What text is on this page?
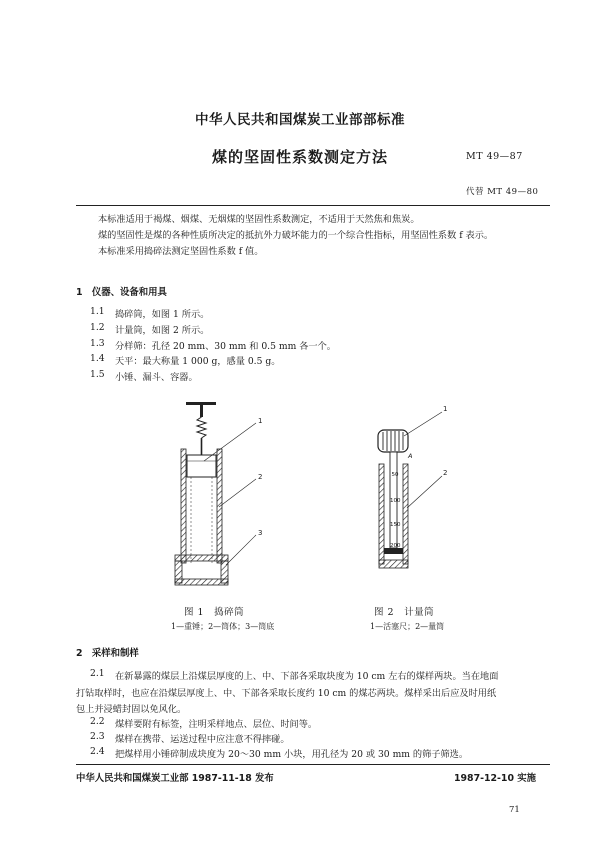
中华人民共和国煤炭工业部部标准
煤的坚固性系数测定方法	MT 49—87
代替 MT 49—80
本标准适用于褐煤、烟煤、无烟煤的坚固性系数测定，不适用于天然焦和焦炭。
煤的坚固性是煤的各种性质所决定的抵抗外力破坏能力的一个综合性指标，用坚固性系数 f 表示。
本标准采用捣碎法测定坚固性系数 f 值。
1　仪器、设备和用具
1.1 捣碎筒，如图 1 所示。
1.2 计量筒，如图 2 所示。
1.3 分样筛：孔径 20 mm、30 mm 和 0.5 mm 各一个。
1.4 天平：最大称量 1 000 g，感量 0.5 g。
1.5 小锤、漏斗、容器。
1
2
3
50
100
150
200
A
1
2
图 1　捣碎筒
1—重锤；2—筒体；3—筒底
图 2　计量筒
1—活塞尺；2—量筒
2　采样和制样
2.1 在新暴露的煤层上沿煤层厚度的上、中、下部各采取块度为 10 cm 左右的煤样两块。当在地面
打钻取样时，也应在沿煤层厚度上、中、下部各采取长度约 10 cm 的煤芯两块。煤样采出后应及时用纸
包上并浸蜡封固以免风化。
2.2 煤样要附有标签，注明采样地点、层位、时间等。
2.3 煤样在携带、运送过程中应注意不得摔碰。
2.4 把煤样用小锤碎制成块度为 20～30 mm 小块，用孔径为 20 或 30 mm 的筛子筛选。
中华人民共和国煤炭工业部 1987-11-18 发布	1987-12-10 实施
71
